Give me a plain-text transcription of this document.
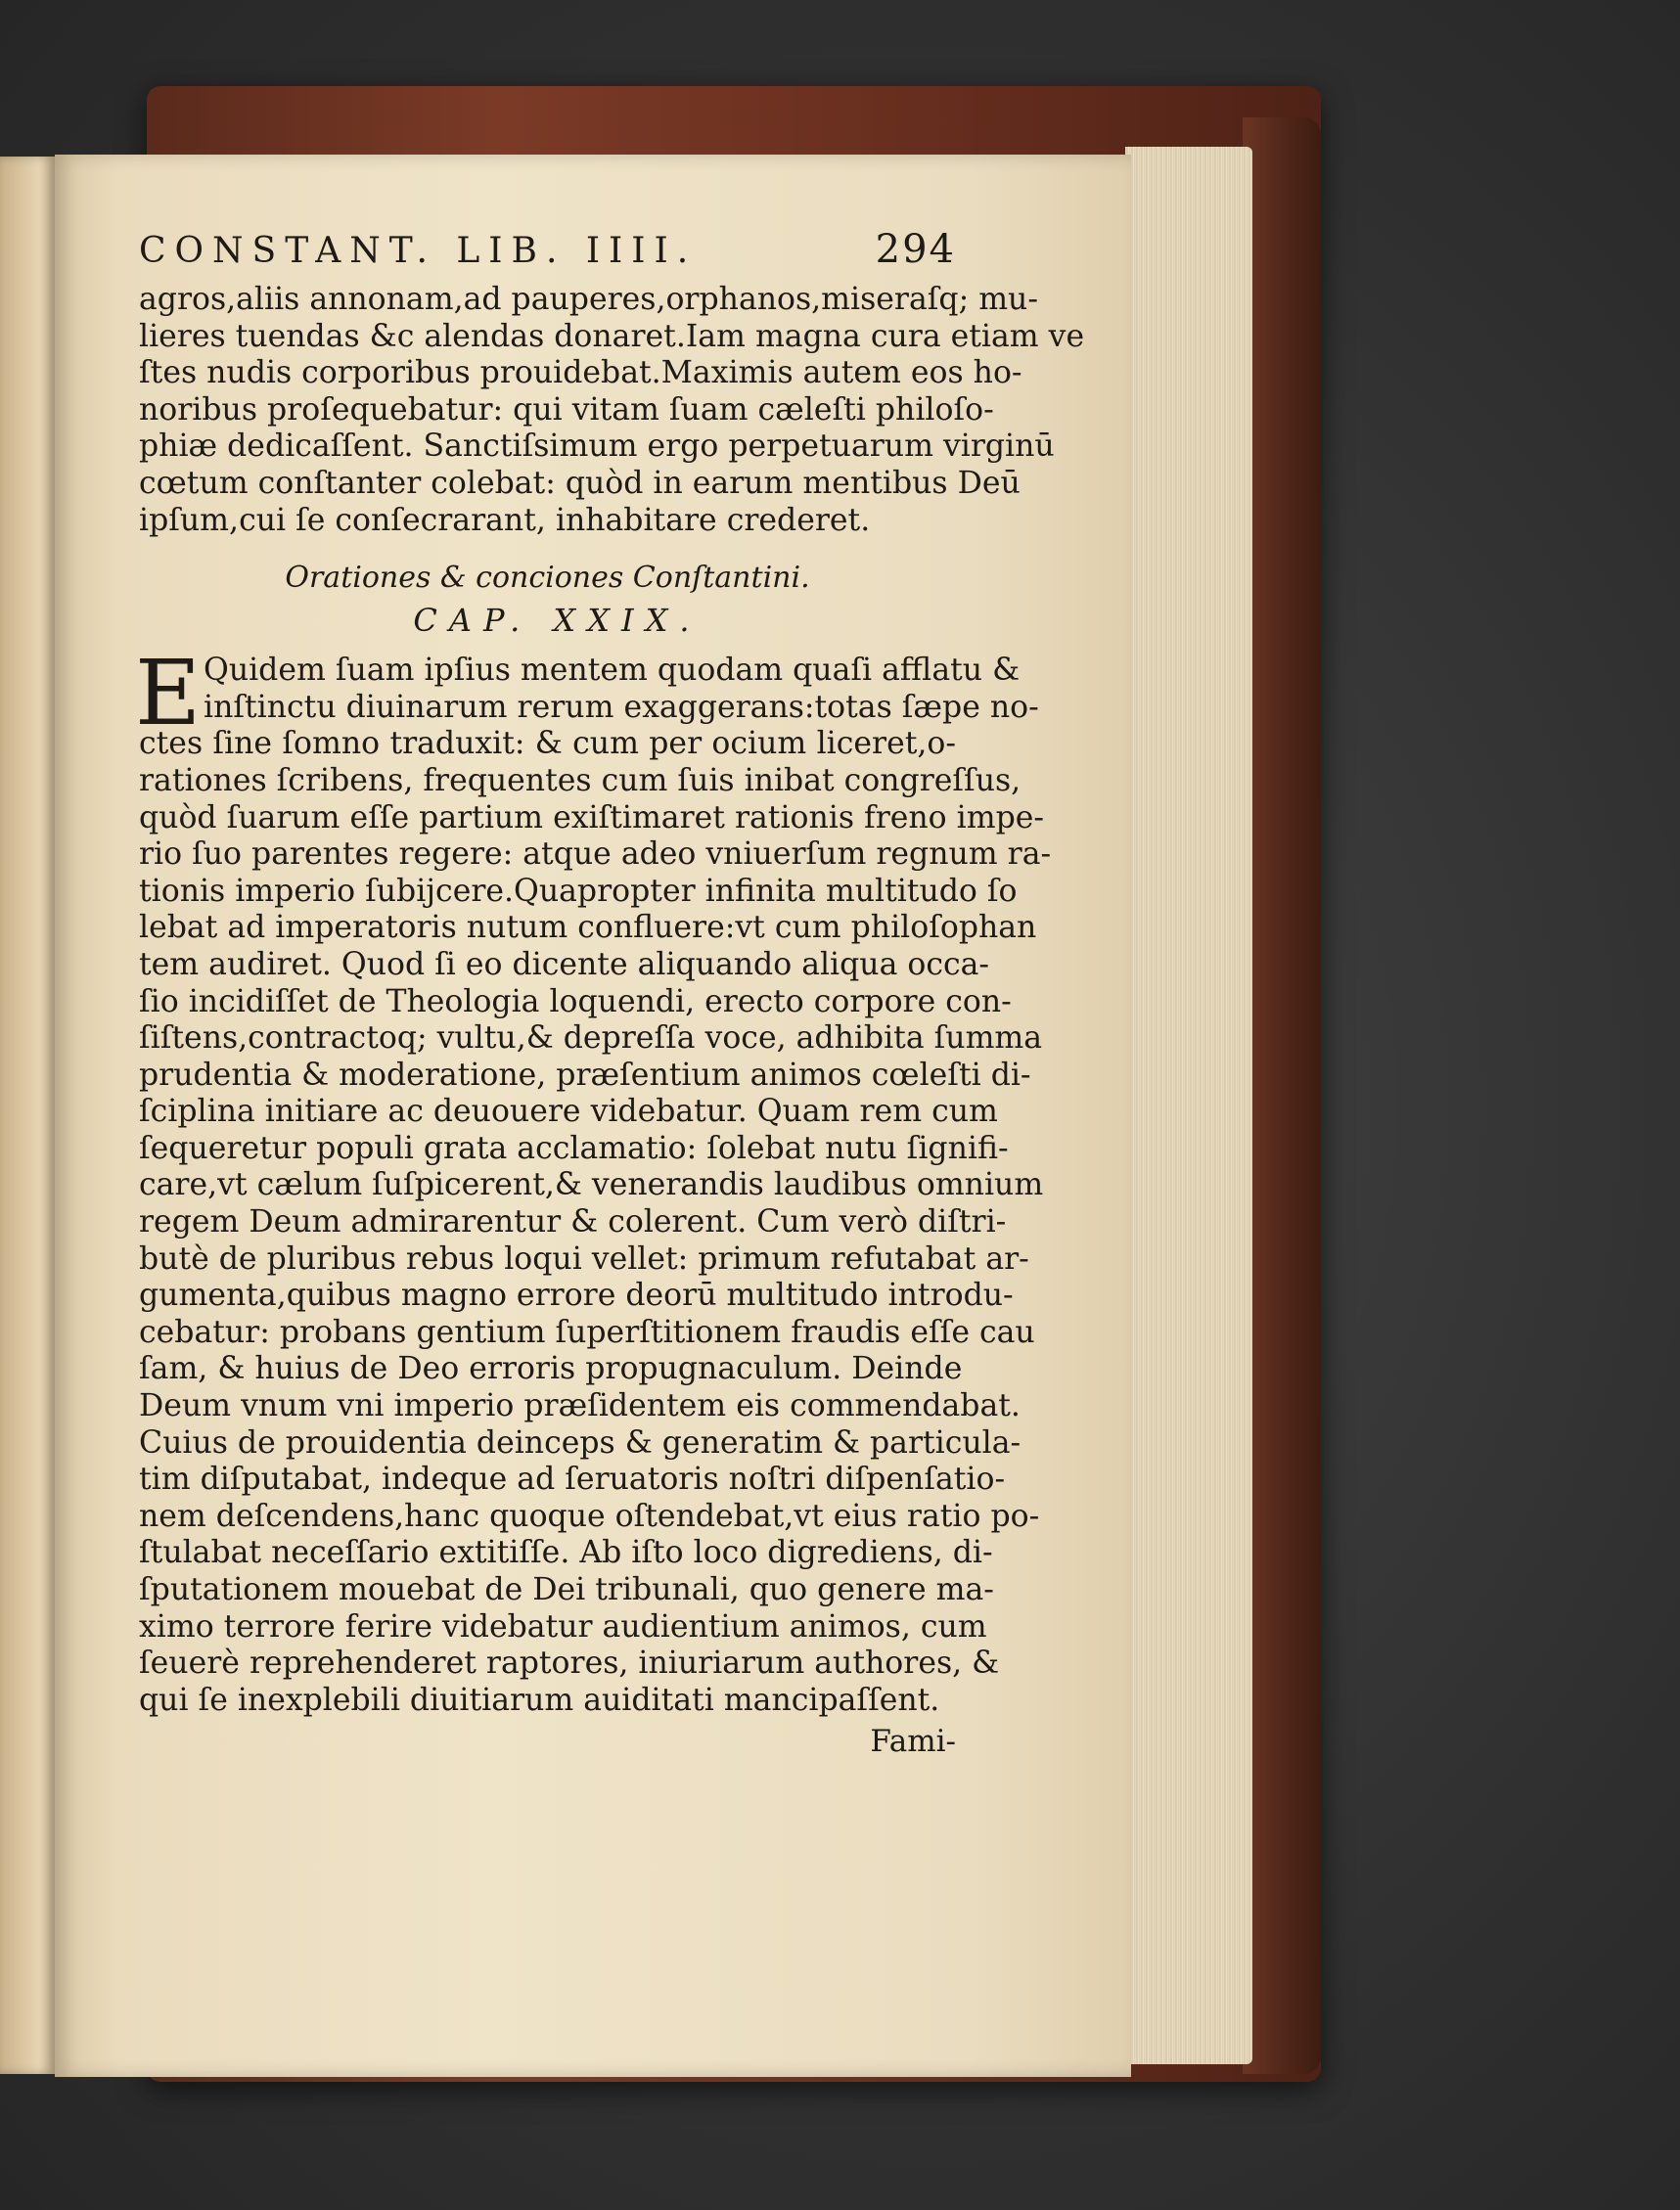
CONSTANT. LIB. IIII.	294
agros,aliis annonam,ad pauperes,orphanos,miseraſq; mu-
lieres tuendas &c alendas donaret.Iam magna cura etiam ve
ſtes nudis corporibus prouidebat.Maximis autem eos ho-
noribus proſequebatur: qui vitam ſuam cæleſti philoſo-
phiæ dedicaſſent. Sanctiſsimum ergo perpetuarum virginū
cœtum conſtanter colebat: quòd in earum mentibus Deū
ipſum,cui ſe conſecrarant, inhabitare crederet.
Orationes & conciones Conſtantini.
CAP. XXIX.
E Quidem ſuam ipſius mentem quodam quaſi afflatu &
inſtinctu diuinarum rerum exaggerans:totas ſæpe no-
ctes ſine ſomno traduxit: & cum per ocium liceret,o-
rationes ſcribens, frequentes cum ſuis inibat congreſſus,
quòd ſuarum eſſe partium exiſtimaret rationis freno impe-
rio ſuo parentes regere: atque adeo vniuerſum regnum ra-
tionis imperio ſubijcere.Quapropter infinita multitudo ſo
lebat ad imperatoris nutum confluere:vt cum philoſophan
tem audiret. Quod ſi eo dicente aliquando aliqua occa-
ſio incidiſſet de Theologia loquendi, erecto corpore con-
ſiſtens,contractoq; vultu,& depreſſa voce, adhibita ſumma
prudentia & moderatione, præſentium animos cœleſti di-
ſciplina initiare ac deuouere videbatur. Quam rem cum
ſequeretur populi grata acclamatio: ſolebat nutu ſignifi-
care,vt cælum ſuſpicerent,& venerandis laudibus omnium
regem Deum admirarentur & colerent. Cum verò diſtri-
butè de pluribus rebus loqui vellet: primum refutabat ar-
gumenta,quibus magno errore deorū multitudo introdu-
cebatur: probans gentium ſuperſtitionem fraudis eſſe cau
ſam, & huius de Deo erroris propugnaculum. Deinde
Deum vnum vni imperio præſidentem eis commendabat.
Cuius de prouidentia deinceps & generatim & particula-
tim diſputabat, indeque ad ſeruatoris noſtri diſpenſatio-
nem deſcendens,hanc quoque oſtendebat,vt eius ratio po-
ſtulabat neceſſario extitiſſe. Ab iſto loco digrediens, di-
ſputationem mouebat de Dei tribunali, quo genere ma-
ximo terrore ferire videbatur audientium animos, cum
ſeuerè reprehenderet raptores, iniuriarum authores, &
qui ſe inexplebili diuitiarum auiditati mancipaſſent.
Fami-
